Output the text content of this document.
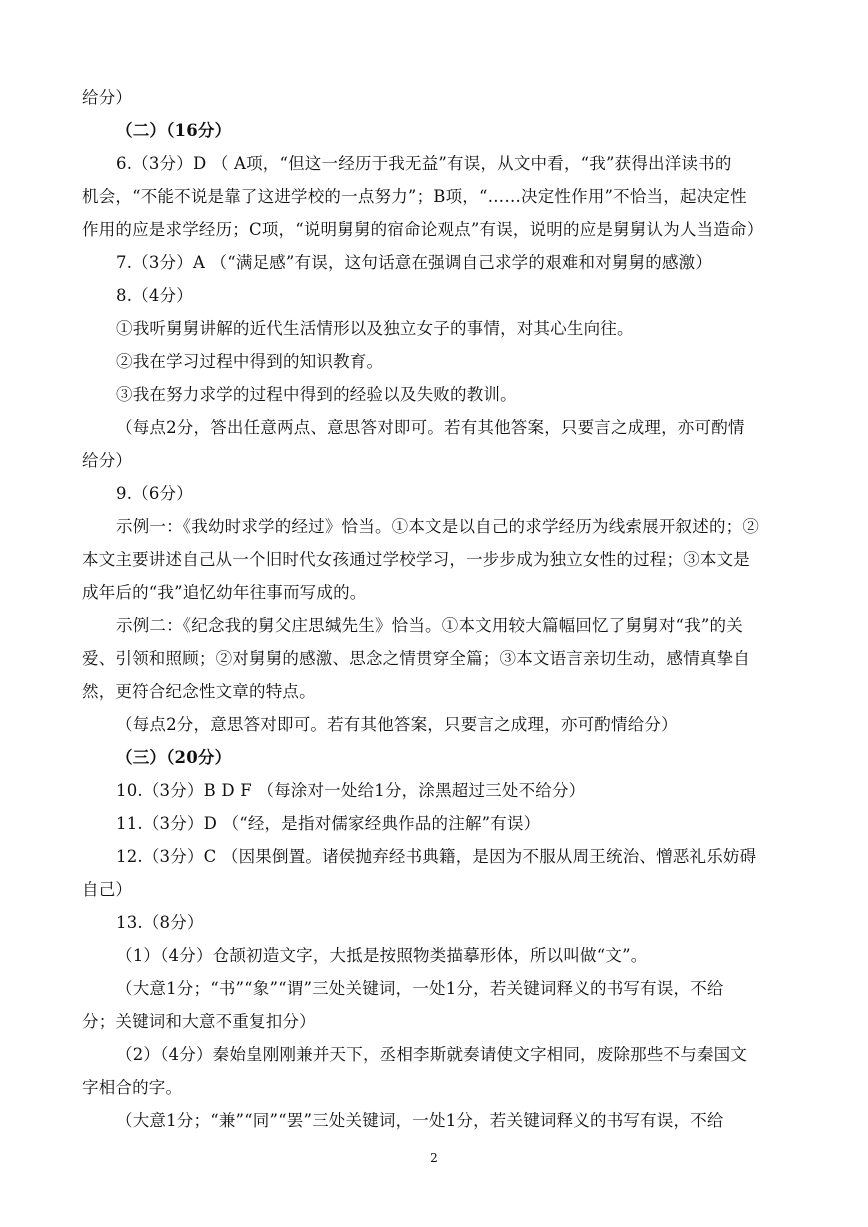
给分）
（二）（16分）
6.（3分）D （ A项，“但这一经历于我无益”有误，从文中看，“我”获得出洋读书的
机会，“不能不说是靠了这进学校的一点努力”；B项，“……决定性作用”不恰当，起决定性
作用的应是求学经历；C项，“说明舅舅的宿命论观点”有误，说明的应是舅舅认为人当造命）
7.（3分）A （“满足感”有误，这句话意在强调自己求学的艰难和对舅舅的感激）
8.（4分）
①我听舅舅讲解的近代生活情形以及独立女子的事情，对其心生向往。
②我在学习过程中得到的知识教育。
③我在努力求学的过程中得到的经验以及失败的教训。
（每点2分，答出任意两点、意思答对即可。若有其他答案，只要言之成理，亦可酌情
给分）
9.（6分）
示例一：《我幼时求学的经过》恰当。①本文是以自己的求学经历为线索展开叙述的；②
本文主要讲述自己从一个旧时代女孩通过学校学习，一步步成为独立女性的过程；③本文是
成年后的“我”追忆幼年往事而写成的。
示例二：《纪念我的舅父庄思缄先生》恰当。①本文用较大篇幅回忆了舅舅对“我”的关
爱、引领和照顾；②对舅舅的感激、思念之情贯穿全篇；③本文语言亲切生动，感情真挚自
然，更符合纪念性文章的特点。
（每点2分，意思答对即可。若有其他答案，只要言之成理，亦可酌情给分）
（三）（20分）
10.（3分）B D F （每涂对一处给1分，涂黑超过三处不给分）
11.（3分）D （“经，是指对儒家经典作品的注解”有误）
12.（3分）C （因果倒置。诸侯抛弃经书典籍，是因为不服从周王统治、憎恶礼乐妨碍
自己）
13.（8分）
（1）（4分）仓颉初造文字，大抵是按照物类描摹形体，所以叫做“文”。
（大意1分；“书”“象”“谓”三处关键词，一处1分，若关键词释义的书写有误，不给
分；关键词和大意不重复扣分）
（2）（4分）秦始皇刚刚兼并天下，丞相李斯就奏请使文字相同，废除那些不与秦国文
字相合的字。
（大意1分；“兼”“同”“罢”三处关键词，一处1分，若关键词释义的书写有误，不给
2
